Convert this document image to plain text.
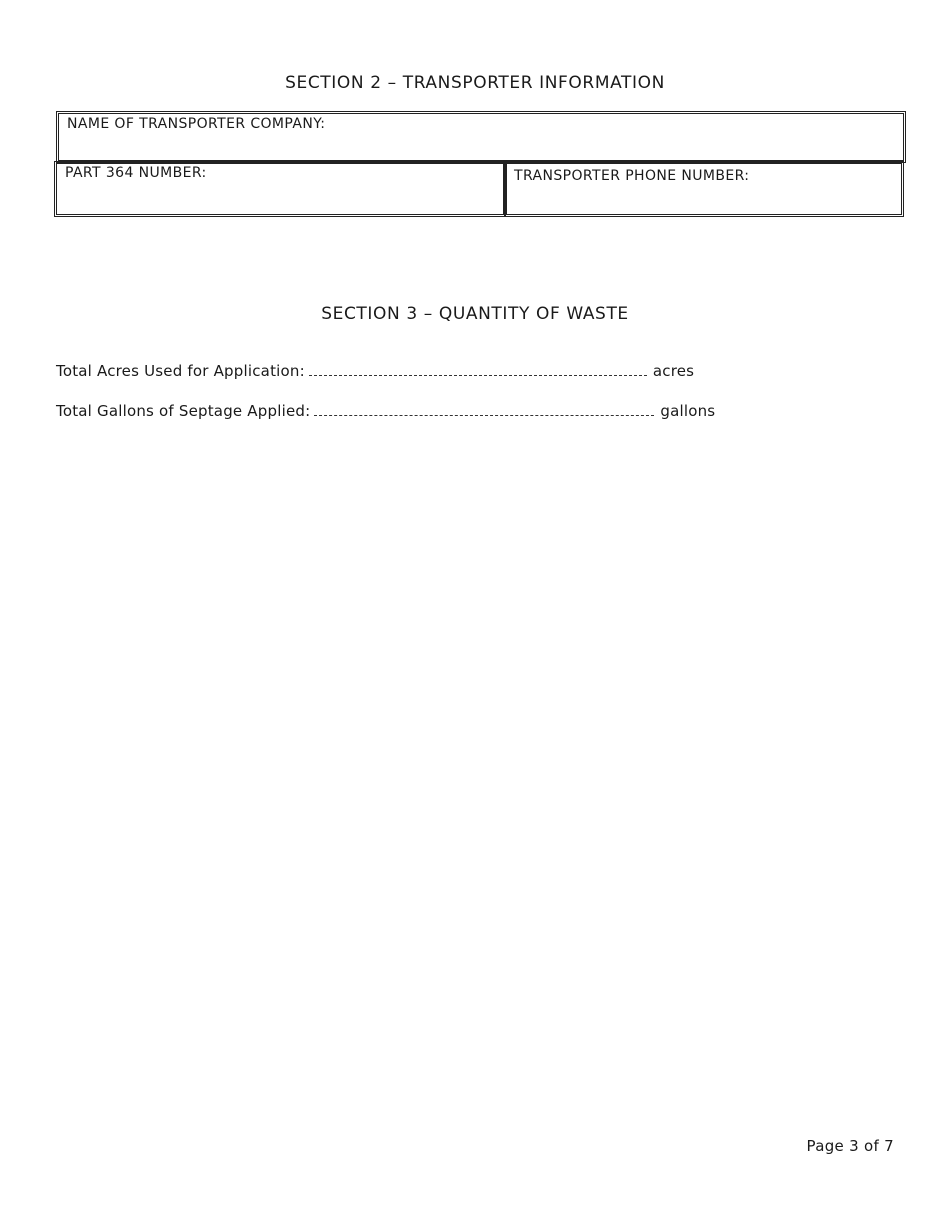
SECTION 2 – TRANSPORTER INFORMATION
NAME OF TRANSPORTER COMPANY:
PART 364 NUMBER:	TRANSPORTER PHONE NUMBER:
SECTION 3 – QUANTITY OF WASTE
Total Acres Used for Application:	acres
Total Gallons of Septage Applied:	gallons
Page 3 of 7
